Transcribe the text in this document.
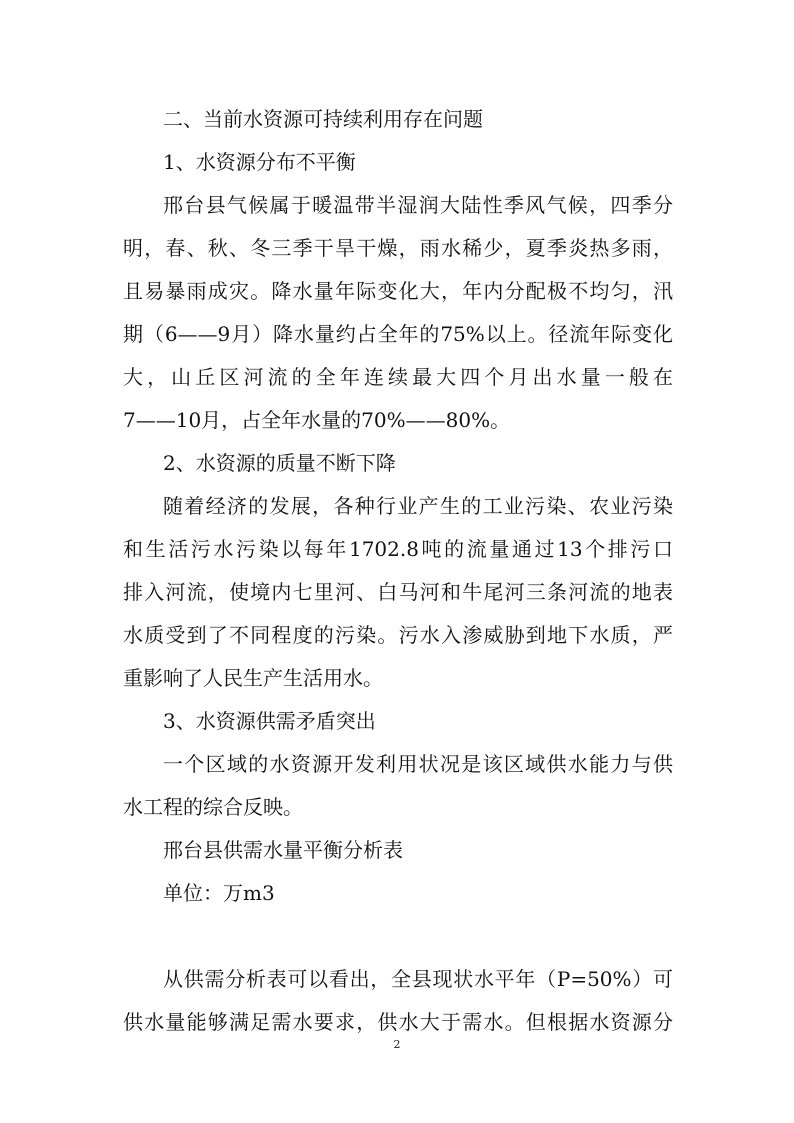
二、当前水资源可持续利用存在问题

1、水资源分布不平衡

邢台县气候属于暖温带半湿润大陆性季风气候，四季分

明，春、秋、冬三季干旱干燥，雨水稀少，夏季炎热多雨，

且易暴雨成灾。降水量年际变化大，年内分配极不均匀，汛

期（6——9月）降水量约占全年的75%以上。径流年际变化

大，山丘区河流的全年连续最大四个月出水量一般在

7——10月，占全年水量的70%——80%。

2、水资源的质量不断下降

随着经济的发展，各种行业产生的工业污染、农业污染

和生活污水污染以每年1702.8吨的流量通过13个排污口

排入河流，使境内七里河、白马河和牛尾河三条河流的地表

水质受到了不同程度的污染。污水入渗威胁到地下水质，严

重影响了人民生产生活用水。

3、水资源供需矛盾突出

一个区域的水资源开发利用状况是该区域供水能力与供

水工程的综合反映。

邢台县供需水量平衡分析表

单位：万m3

从供需分析表可以看出，全县现状水平年（P=50%）可

供水量能够满足需水要求，供水大于需水。但根据水资源分

2
